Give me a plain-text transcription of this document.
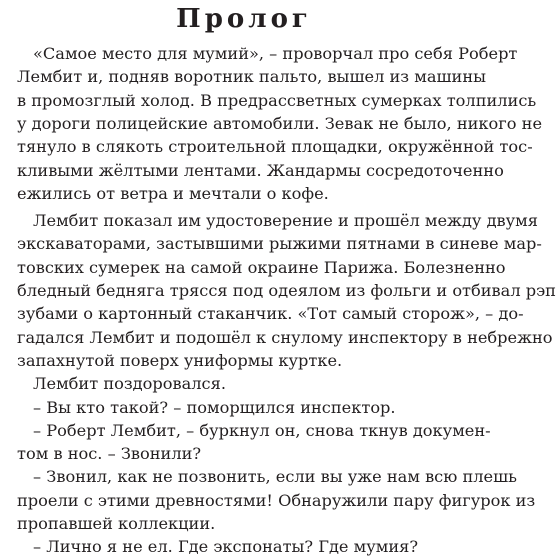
Пролог
«Самое место для мумий», – проворчал про себя Роберт
Лембит и, подняв воротник пальто, вышел из машины
в промозглый холод. В предрассветных сумерках толпились
у дороги полицейские автомобили. Зевак не было, никого не
тянуло в слякоть строительной площадки, окружённой тос-
кливыми жёлтыми лентами. Жандармы сосредоточенно
ежились от ветра и мечтали о кофе.
Лембит показал им удостоверение и прошёл между двумя
экскаваторами, застывшими рыжими пятнами в синеве мар-
товских сумерек на самой окраине Парижа. Болезненно
бледный бедняга трясся под одеялом из фольги и отбивал рэп
зубами о картонный стаканчик. «Тот самый сторож», – до-
гадался Лембит и подошёл к снулому инспектору в небрежно
запахнутой поверх униформы куртке.
Лембит поздоровался.
– Вы кто такой? – поморщился инспектор.
– Роберт Лембит, – буркнул он, снова ткнув докумен-
том в нос. – Звонили?
– Звонил, как не позвонить, если вы уже нам всю плешь
проели с этими древностями! Обнаружили пару фигурок из
пропавшей коллекции.
– Лично я не ел. Где экспонаты? Где мумия?
